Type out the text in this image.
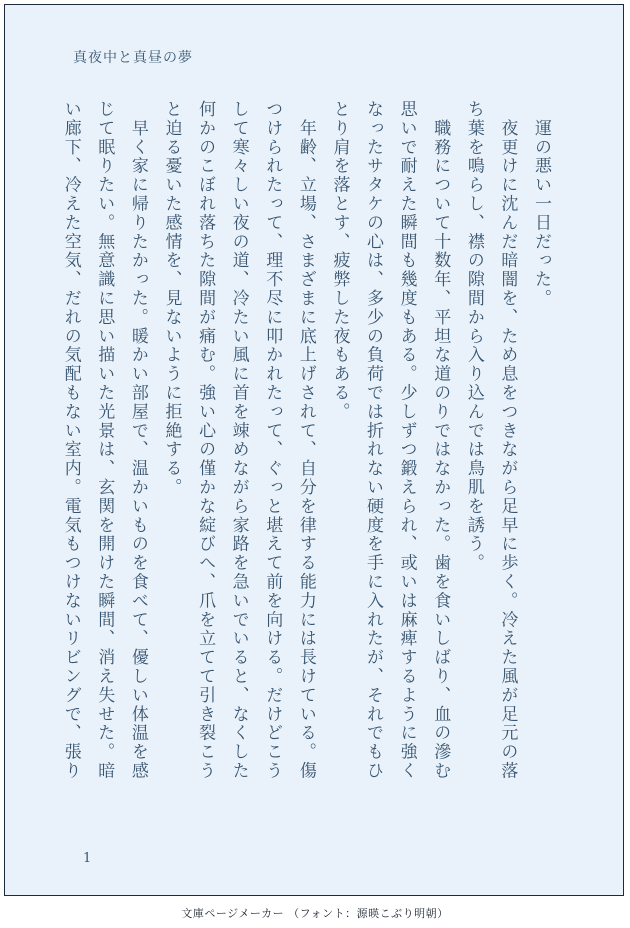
真夜中と真昼の夢

　運の悪い一日だった。

　夜更けに沈んだ暗闇を、ため息をつきながら足早に歩く。冷えた風が足元の落ち葉を鳴らし、襟の隙間から入り込んでは鳥肌を誘う。

　職務について十数年、平坦な道のりではなかった。歯を食いしばり、血の滲む思いで耐えた瞬間も幾度もある。少しずつ鍛えられ、或いは麻痺するように強くなったサタケの心は、多少の負荷では折れない硬度を手に入れたが、それでもひとり肩を落とす、疲弊した夜もある。

　年齢、立場、さまざまに底上げされて、自分を律する能力には長けている。傷つけられたって、理不尽に叩かれたって、ぐっと堪えて前を向ける。だけどこうして寒々しい夜の道、冷たい風に首を竦めながら家路を急いでいると、なくした何かのこぼれ落ちた隙間が痛む。強い心の僅かな綻びへ、爪を立てて引き裂こうと迫る憂いた感情を、見ないように拒絶する。

　早く家に帰りたかった。暖かい部屋で、温かいものを食べて、優しい体温を感じて眠りたい。無意識に思い描いた光景は、玄関を開けた瞬間、消え失せた。暗い廊下、冷えた空気、だれの気配もない室内。電気もつけないリビングで、張り

1
文庫ページメーカー （フォント：源暎こぶり明朝）
